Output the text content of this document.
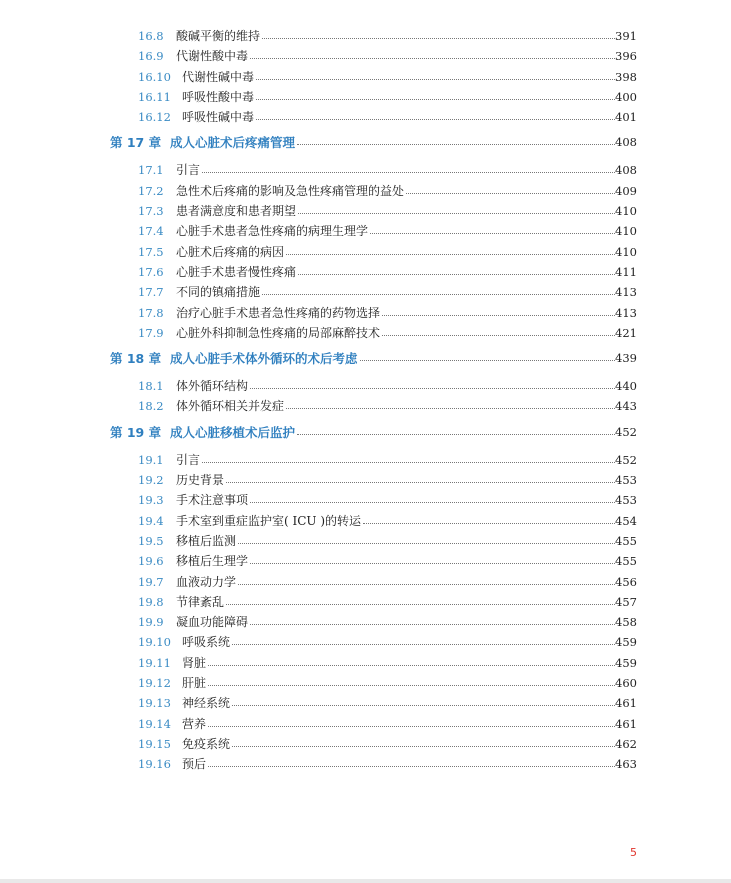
16.8 酸碱平衡的维持	391
16.9 代谢性酸中毒	396
16.10 代谢性碱中毒	398
16.11 呼吸性酸中毒	400
16.12 呼吸性碱中毒	401
第 17 章 成人心脏术后疼痛管理	408
17.1 引言	408
17.2 急性术后疼痛的影响及急性疼痛管理的益处	409
17.3 患者满意度和患者期望	410
17.4 心脏手术患者急性疼痛的病理生理学	410
17.5 心脏术后疼痛的病因	410
17.6 心脏手术患者慢性疼痛	411
17.7 不同的镇痛措施	413
17.8 治疗心脏手术患者急性疼痛的药物选择	413
17.9 心脏外科抑制急性疼痛的局部麻醉技术	421
第 18 章 成人心脏手术体外循环的术后考虑	439
18.1 体外循环结构	440
18.2 体外循环相关并发症	443
第 19 章 成人心脏移植术后监护	452
19.1 引言	452
19.2 历史背景	453
19.3 手术注意事项	453
19.4 手术室到重症监护室( ICU )的转运	454
19.5 移植后监测	455
19.6 移植后生理学	455
19.7 血液动力学	456
19.8 节律紊乱	457
19.9 凝血功能障碍	458
19.10 呼吸系统	459
19.11 肾脏	459
19.12 肝脏	460
19.13 神经系统	461
19.14 营养	461
19.15 免疫系统	462
19.16 预后	463
5
